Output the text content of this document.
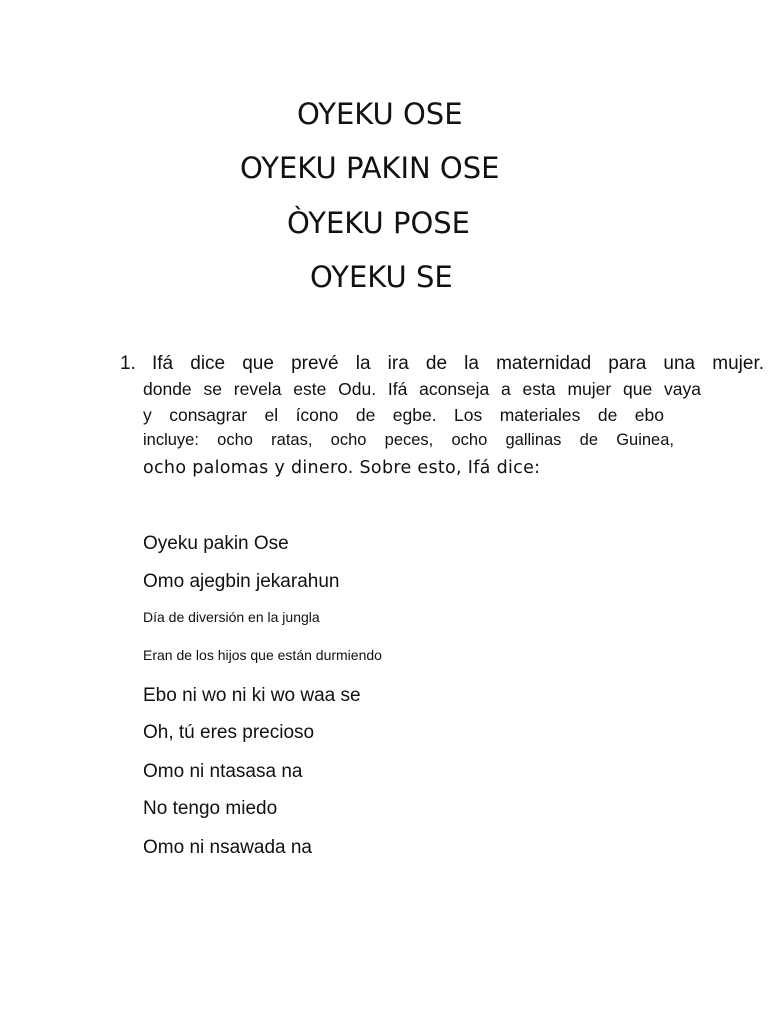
OYEKU OSE
OYEKU PAKIN OSE
ÒYEKU POSE
OYEKU SE
1. Ifá dice que prevé la ira de la maternidad para una mujer.
donde se revela este Odu. Ifá aconseja a esta mujer que vaya
y consagrar el ícono de egbe. Los materiales de ebo
incluye: ocho ratas, ocho peces, ocho gallinas de Guinea,
ocho palomas y dinero. Sobre esto, Ifá dice:
Oyeku pakin Ose
Omo ajegbin jekarahun
Día de diversión en la jungla
Eran de los hijos que están durmiendo
Ebo ni wo ni ki wo waa se
Oh, tú eres precioso
Omo ni ntasasa na
No tengo miedo
Omo ni nsawada na
